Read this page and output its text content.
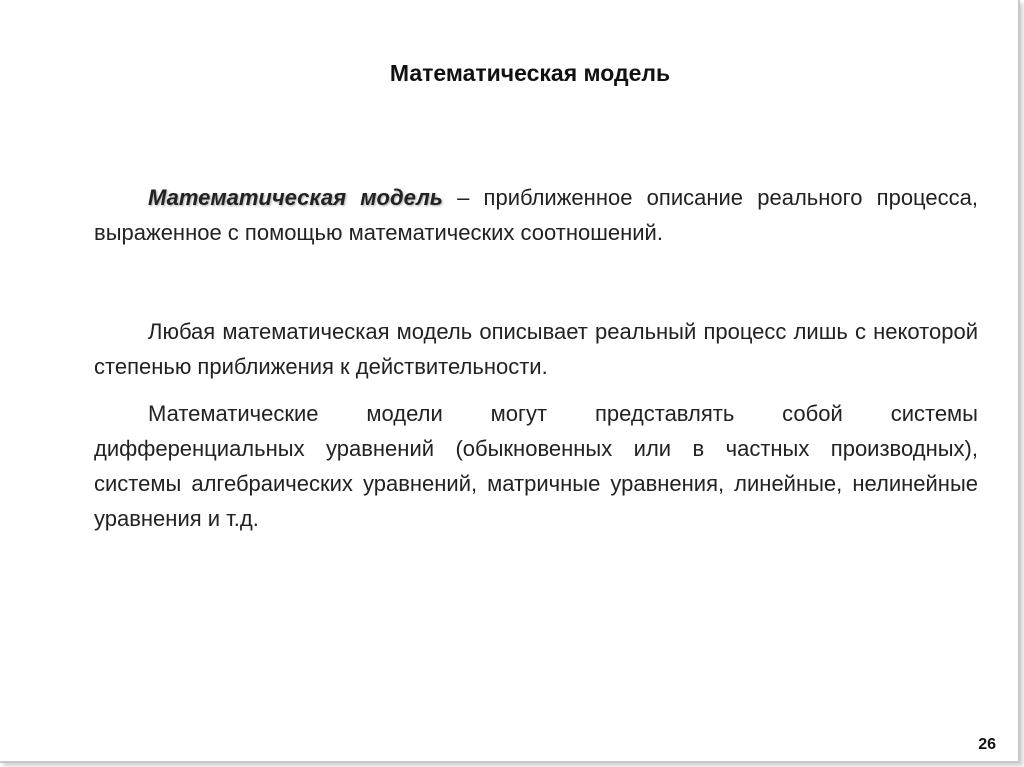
Математическая модель

Математическая модель – приближенное описание реального процесса, выраженное с помощью математических соотношений.

Любая математическая модель описывает реальный процесс лишь с некоторой степенью приближения к действительности.

Математические модели могут представлять собой системы дифференциальных уравнений (обыкновенных или в частных производных), системы алгебраических уравнений, матричные уравнения, линейные, нелинейные уравнения и т.д.

26
